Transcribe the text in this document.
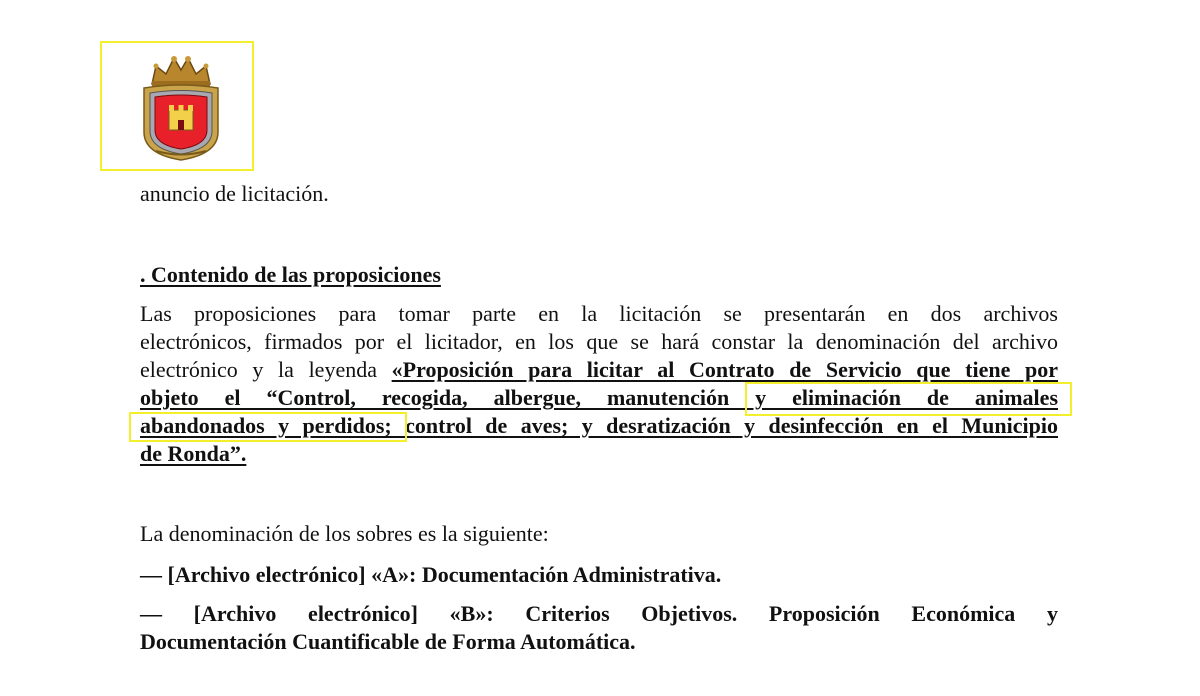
anuncio de licitación.
. Contenido de las proposiciones
Las proposiciones para tomar parte en la licitación se presentarán en dos archivos
electrónicos, firmados por el licitador, en los que se hará constar la denominación del archivo
electrónico y la leyenda «Proposición para licitar al Contrato de Servicio que tiene por
objeto el “Control, recogida, albergue, manutención y eliminación de animales
abandonados y perdidos; control de aves; y desratización y desinfección en el Municipio
de Ronda”.
La denominación de los sobres es la siguiente:
— [Archivo electrónico] «A»: Documentación Administrativa.
— [Archivo electrónico] «B»: Criterios Objetivos. Proposición Económica y
Documentación Cuantificable de Forma Automática.
